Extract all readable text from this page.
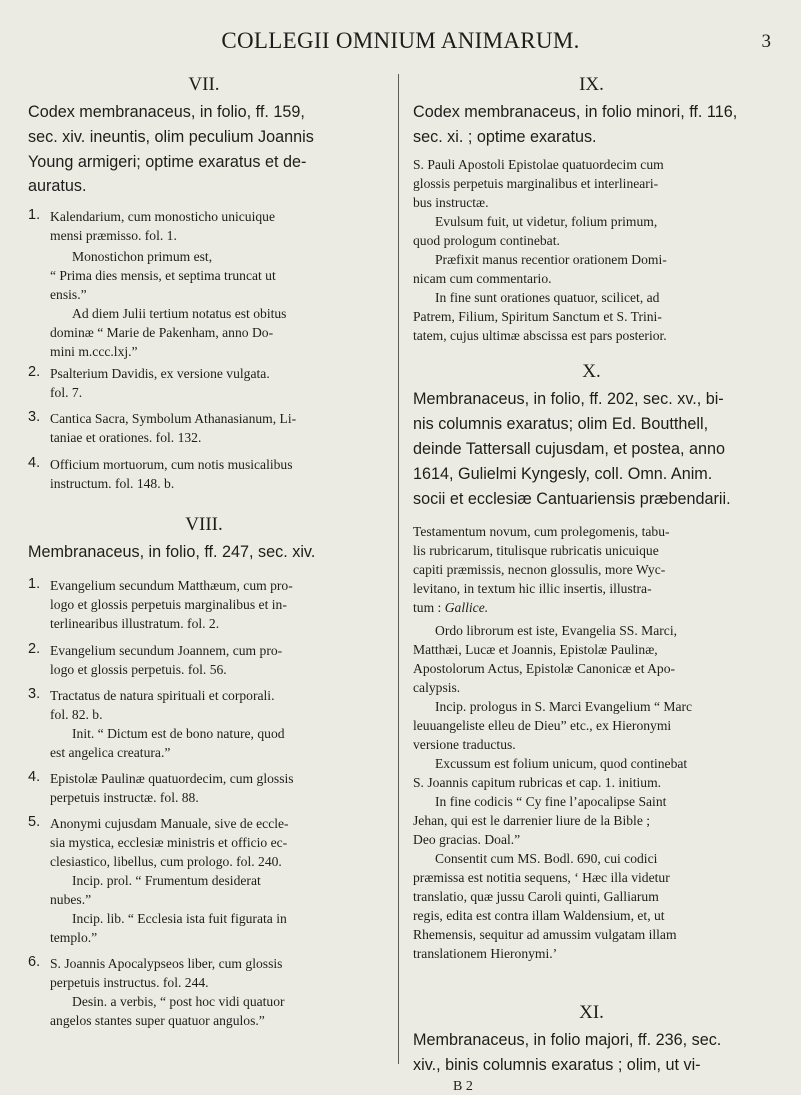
COLLEGII OMNIUM ANIMARUM.	3
VII.

Codex membranaceus, in folio, ff. 159,

sec. xiv. ineuntis, olim peculium Joannis

Young armigeri; optime exaratus et de-

auratus.

1. Kalendarium, cum monosticho unicuique

mensi præmisso. fol. 1.

Monostichon primum est,

“ Prima dies mensis, et septima truncat ut

ensis.”

Ad diem Julii tertium notatus est obitus

dominæ “ Marie de Pakenham, anno Do-

mini m.ccc.lxj.”

2. Psalterium Davidis, ex versione vulgata.

fol. 7.

3. Cantica Sacra, Symbolum Athanasianum, Li-

taniae et orationes. fol. 132.

4. Officium mortuorum, cum notis musicalibus

instructum. fol. 148. b.

VIII.

Membranaceus, in folio, ff. 247, sec. xiv.

1. Evangelium secundum Matthæum, cum pro-

logo et glossis perpetuis marginalibus et in-

terlinearibus illustratum. fol. 2.

2. Evangelium secundum Joannem, cum pro-

logo et glossis perpetuis. fol. 56.

3. Tractatus de natura spirituali et corporali.

fol. 82. b.

Init. “ Dictum est de bono nature, quod

est angelica creatura.”

4. Epistolæ Paulinæ quatuordecim, cum glossis

perpetuis instructæ. fol. 88.

5. Anonymi cujusdam Manuale, sive de eccle-

sia mystica, ecclesiæ ministris et officio ec-

clesiastico, libellus, cum prologo. fol. 240.

Incip. prol. “ Frumentum desiderat

nubes.”

Incip. lib. “ Ecclesia ista fuit figurata in

templo.”

6. S. Joannis Apocalypseos liber, cum glossis

perpetuis instructus. fol. 244.

Desin. a verbis, “ post hoc vidi quatuor

angelos stantes super quatuor angulos.”

IX.

Codex membranaceus, in folio minori, ff. 116,

sec. xi. ; optime exaratus.

S. Pauli Apostoli Epistolae quatuordecim cum

glossis perpetuis marginalibus et interlineari-

bus instructæ.

Evulsum fuit, ut videtur, folium primum,

quod prologum continebat.

Præfixit manus recentior orationem Domi-

nicam cum commentario.

In fine sunt orationes quatuor, scilicet, ad

Patrem, Filium, Spiritum Sanctum et S. Trini-

tatem, cujus ultimæ abscissa est pars posterior.

X.

Membranaceus, in folio, ff. 202, sec. xv., bi-

nis columnis exaratus; olim Ed. Boutthell,

deinde Tattersall cujusdam, et postea, anno

1614, Gulielmi Kyngesly, coll. Omn. Anim.

socii et ecclesiæ Cantuariensis præbendarii.

Testamentum novum, cum prolegomenis, tabu-

lis rubricarum, titulisque rubricatis unicuique

capiti præmissis, necnon glossulis, more Wyc-

levitano, in textum hic illic insertis, illustra-

tum : Gallice.

Ordo librorum est iste, Evangelia SS. Marci,

Matthæi, Lucæ et Joannis, Epistolæ Paulinæ,

Apostolorum Actus, Epistolæ Canonicæ et Apo-

calypsis.

Incip. prologus in S. Marci Evangelium “ Marc

leuuangeliste elleu de Dieu” etc., ex Hieronymi

versione traductus.

Excussum est folium unicum, quod continebat

S. Joannis capitum rubricas et cap. 1. initium.

In fine codicis “ Cy fine l’apocalipse Saint

Jehan, qui est le darrenier liure de la Bible ;

Deo gracias. Doal.”

Consentit cum MS. Bodl. 690, cui codici

præmissa est notitia sequens, ‘ Hæc illa videtur

translatio, quæ jussu Caroli quinti, Galliarum

regis, edita est contra illam Waldensium, et, ut

Rhemensis, sequitur ad amussim vulgatam illam

translationem Hieronymi.’

XI.

Membranaceus, in folio majori, ff. 236, sec.

xiv., binis columnis exaratus ; olim, ut vi-

B 2
